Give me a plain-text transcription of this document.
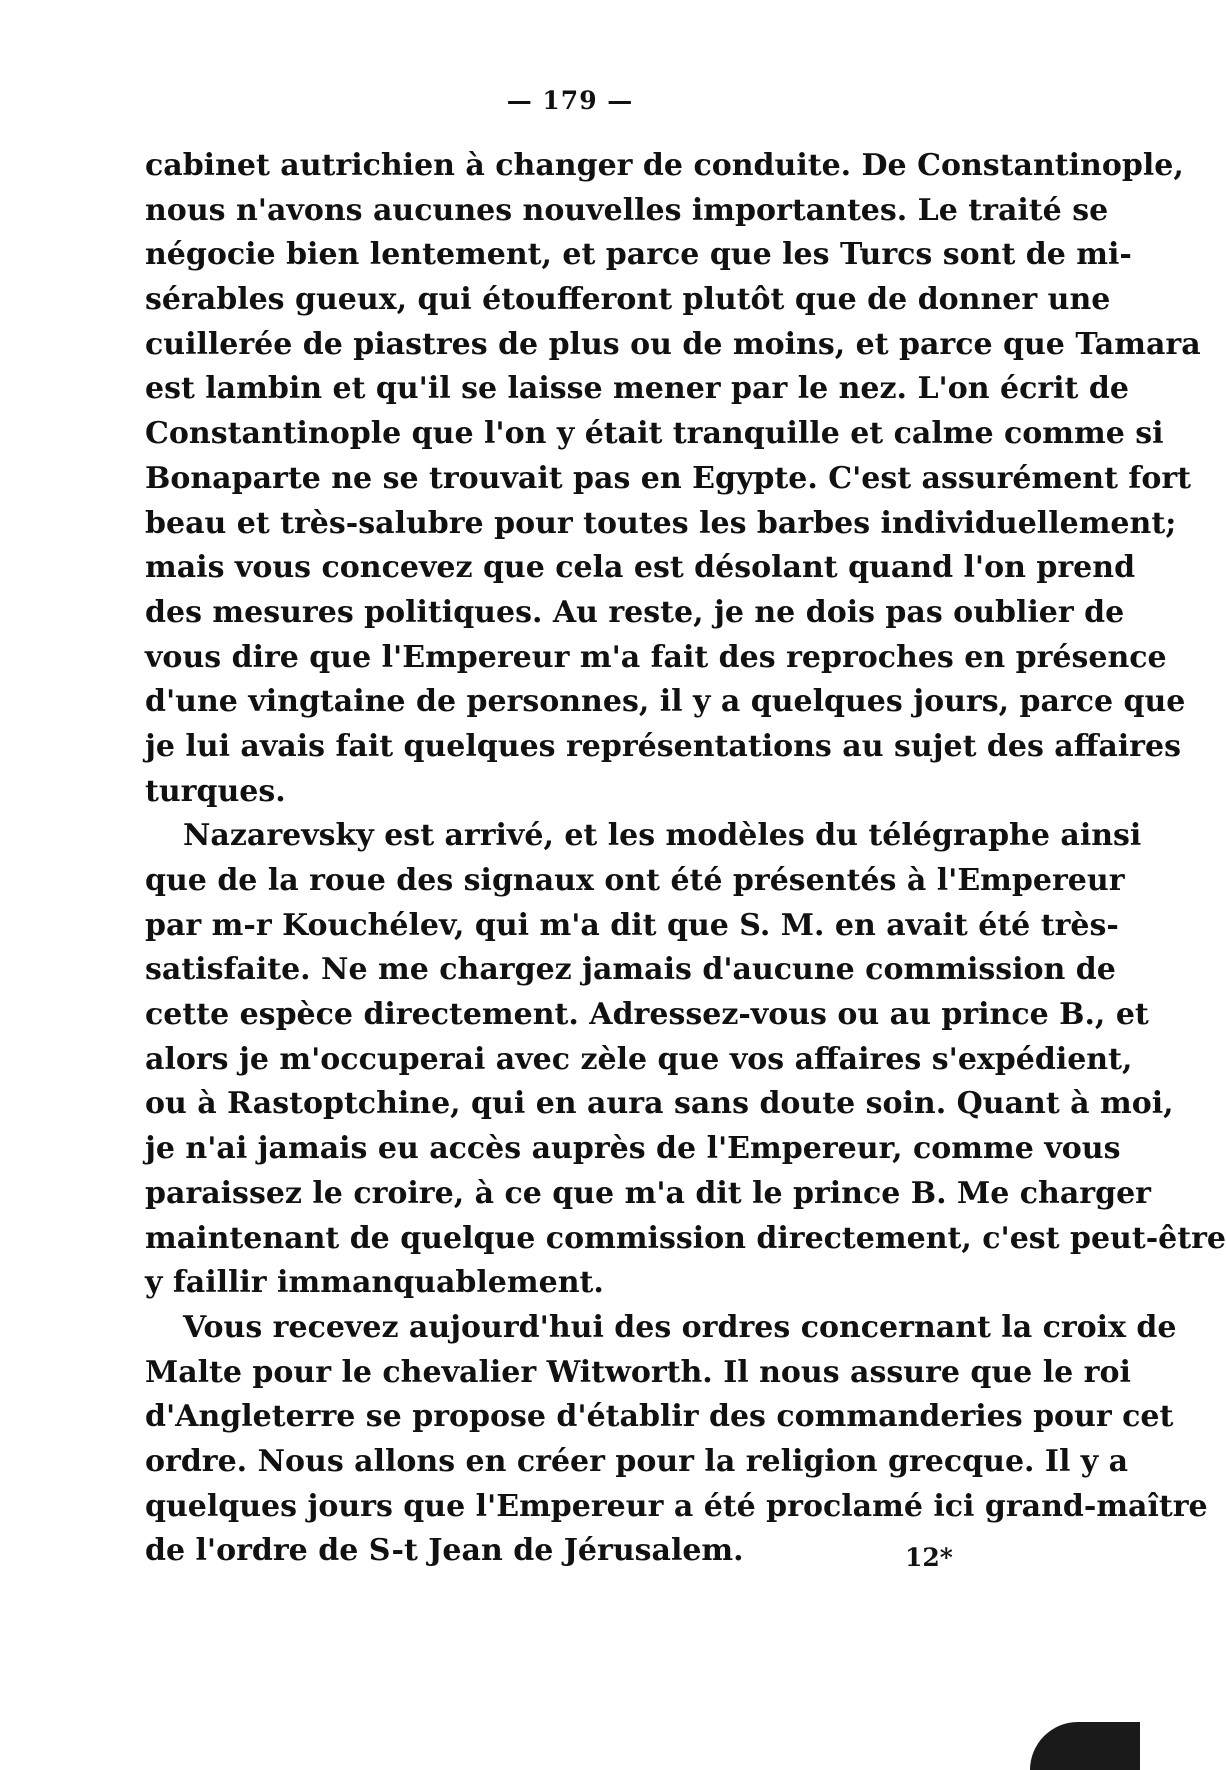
— 179 —
cabinet autrichien à changer de conduite. De Constantinople,
nous n'avons aucunes nouvelles importantes. Le traité se
négocie bien lentement, et parce que les Turcs sont de mi-
sérables gueux, qui étoufferont plutôt que de donner une
cuillerée de piastres de plus ou de moins, et parce que Tamara
est lambin et qu'il se laisse mener par le nez. L'on écrit de
Constantinople que l'on y était tranquille et calme comme si
Bonaparte ne se trouvait pas en Egypte. C'est assurément fort
beau et très-salubre pour toutes les barbes individuellement;
mais vous concevez que cela est désolant quand l'on prend
des mesures politiques. Au reste, je ne dois pas oublier de
vous dire que l'Empereur m'a fait des reproches en présence
d'une vingtaine de personnes, il y a quelques jours, parce que
je lui avais fait quelques représentations au sujet des affaires
turques.
Nazarevsky est arrivé, et les modèles du télégraphe ainsi
que de la roue des signaux ont été présentés à l'Empereur
par m-r Kouchélev, qui m'a dit que S. M. en avait été très-
satisfaite. Ne me chargez jamais d'aucune commission de
cette espèce directement. Adressez-vous ou au prince B., et
alors je m'occuperai avec zèle que vos affaires s'expédient,
ou à Rastoptchine, qui en aura sans doute soin. Quant à moi,
je n'ai jamais eu accès auprès de l'Empereur, comme vous
paraissez le croire, à ce que m'a dit le prince B. Me charger
maintenant de quelque commission directement, c'est peut-être
y faillir immanquablement.
Vous recevez aujourd'hui des ordres concernant la croix de
Malte pour le chevalier Witworth. Il nous assure que le roi
d'Angleterre se propose d'établir des commanderies pour cet
ordre. Nous allons en créer pour la religion grecque. Il y a
quelques jours que l'Empereur a été proclamé ici grand-maître
de l'ordre de S-t Jean de Jérusalem.	12*
